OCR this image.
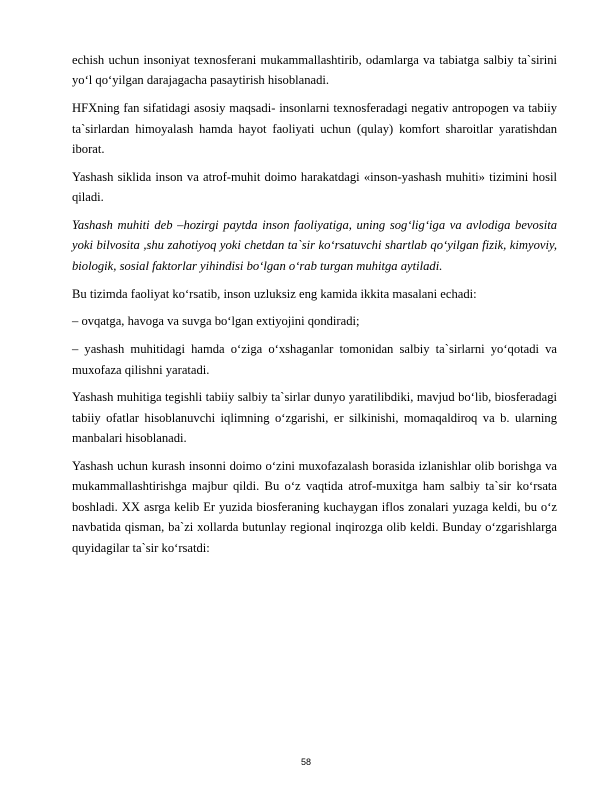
echish uchun insoniyat texnosferani mukammallashtirib, odamlarga va tabiatga salbiy ta`sirini yo‘l qo‘yilgan darajagacha pasaytirish hisoblanadi.

HFXning fan sifatidagi asosiy maqsadi- insonlarni texnosferadagi negativ antropogen va tabiiy ta`sirlardan himoyalash hamda hayot faoliyati uchun (qulay) komfort sharoitlar yaratishdan iborat.

Yashash siklida inson va atrof-muhit doimo harakatdagi «inson-yashash muhiti» tizimini hosil qiladi.

Yashash muhiti deb –hozirgi paytda inson faoliyatiga, uning sog‘lig‘iga va avlodiga bevosita yoki bilvosita ,shu zahotiyoq yoki chetdan ta`sir ko‘rsatuvchi shartlab qo‘yilgan fizik, kimyoviy, biologik, sosial faktorlar yihindisi bo‘lgan o‘rab turgan muhitga aytiladi.

Bu tizimda faoliyat ko‘rsatib, inson uzluksiz eng kamida ikkita masalani echadi:

– ovqatga, havoga va suvga bo‘lgan extiyojini qondiradi;

– yashash muhitidagi hamda o‘ziga o‘xshaganlar tomonidan salbiy ta`sirlarni yo‘qotadi va muxofaza qilishni yaratadi.

Yashash muhitiga tegishli tabiiy salbiy ta`sirlar dunyo yaratilibdiki, mavjud bo‘lib, biosferadagi tabiiy ofatlar hisoblanuvchi iqlimning o‘zgarishi, er silkinishi, momaqaldiroq va b. ularning manbalari hisoblanadi.

Yashash uchun kurash insonni doimo o‘zini muxofazalash borasida izlanishlar olib borishga va mukammallashtirishga majbur qildi. Bu o‘z vaqtida atrof-muxitga ham salbiy ta`sir ko‘rsata boshladi. XX asrga kelib Er yuzida biosferaning kuchaygan iflos zonalari yuzaga keldi, bu o‘z navbatida qisman, ba`zi xollarda butunlay regional inqirozga olib keldi. Bunday o‘zgarishlarga quyidagilar ta`sir ko‘rsatdi:

58
